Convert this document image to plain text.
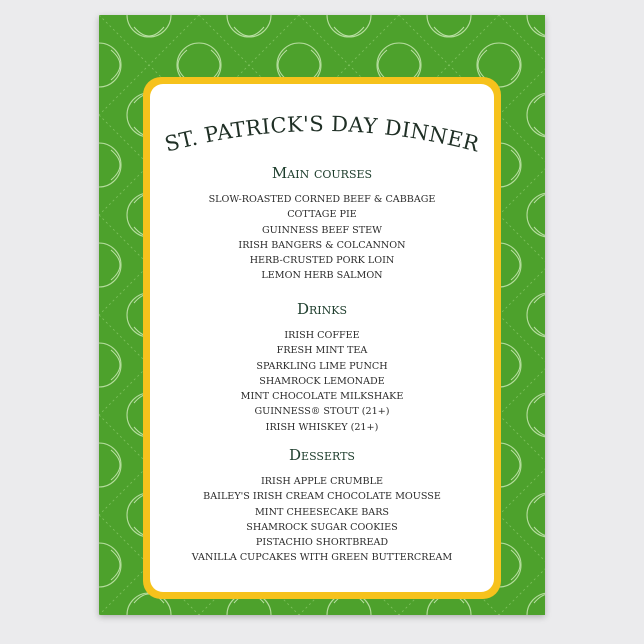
ST. PATRICK'S DAY DINNER
Main courses
SLOW-ROASTED CORNED BEEF & CABBAGE
COTTAGE PIE
GUINNESS BEEF STEW
IRISH BANGERS & COLCANNON
HERB-CRUSTED PORK LOIN
LEMON HERB SALMON
Drinks
IRISH COFFEE
FRESH MINT TEA
SPARKLING LIME PUNCH
SHAMROCK LEMONADE
MINT CHOCOLATE MILKSHAKE
GUINNESS® STOUT (21+)
IRISH WHISKEY (21+)
Desserts
IRISH APPLE CRUMBLE
BAILEY'S IRISH CREAM CHOCOLATE MOUSSE
MINT CHEESECAKE BARS
SHAMROCK SUGAR COOKIES
PISTACHIO SHORTBREAD
VANILLA CUPCAKES WITH GREEN BUTTERCREAM
